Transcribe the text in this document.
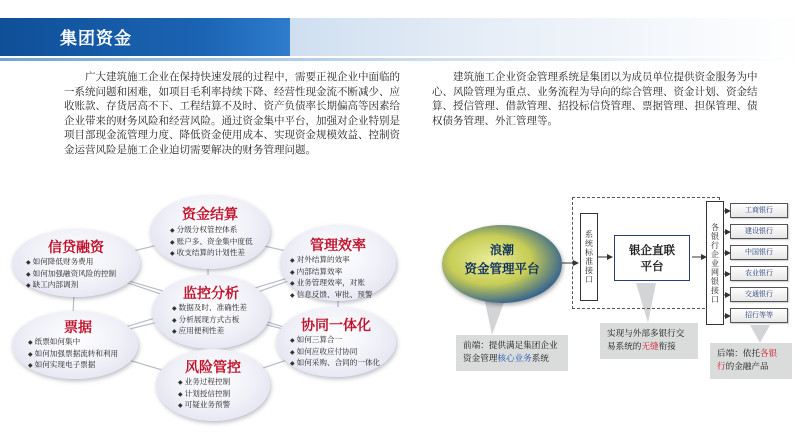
集团资金

广大建筑施工企业在保持快速发展的过程中，需要正视企业中面临的一系统问题和困难，如项目毛利率持续下降、经营性现金流不断减少、应收账款、存货居高不下、工程结算不及时、资产负债率长期偏高等因素给企业带来的财务风险和经营风险。通过资金集中平台，加强对企业特别是项目部现金流管理力度、降低资金使用成本、实现资金规模效益、控制资金运营风险是施工企业迫切需要解决的财务管理问题。

建筑施工企业资金管理系统是集团以为成员单位提供资金服务为中心、风险管理为重点、业务流程为导向的综合管理、资金计划、资金结算、授信管理、借款管理、招投标信贷管理、票据管理、担保管理、债权债务管理、外汇管理等。

资金结算
◆ 分级分权管控体系
◆ 账户多、资金集中度低
◆ 收支结算的计划性差
信贷融资
◆ 如何降低财务费用
◆ 如何加强融资风险的控制
◆ 缺工内部调剂
管理效率
◆ 对外结算的效率
◆ 内部结算效率
◆ 业务管理效率，对账
◆ 信息反馈、审批、预警
监控分析
◆ 数据及时、准确性差
◆ 分析展现方式古板
◆ 应用便利性差
票据
◆ 纸票如何集中
◆ 如何加强票据流转和利用
◆ 如何实现电子票据
协同一体化
◆ 如何三算合一
◆ 如何应收应付协同
◆ 如何采购、合同的一体化
风险管控
◆ 业务过程控制
◆ 计划授信控制
◆ 可疑业务预警
浪潮
资金管理平台	系统标准接口	银企直联
平台	各银行企业网银接口
工商银行
建设银行
中国银行
农业银行
交通银行
招行等等
前端：提供满足集团企业资金管理核心业务系统
实现与外部多银行交易系统的无缝衔接
后端：依托各银行的金融产品
